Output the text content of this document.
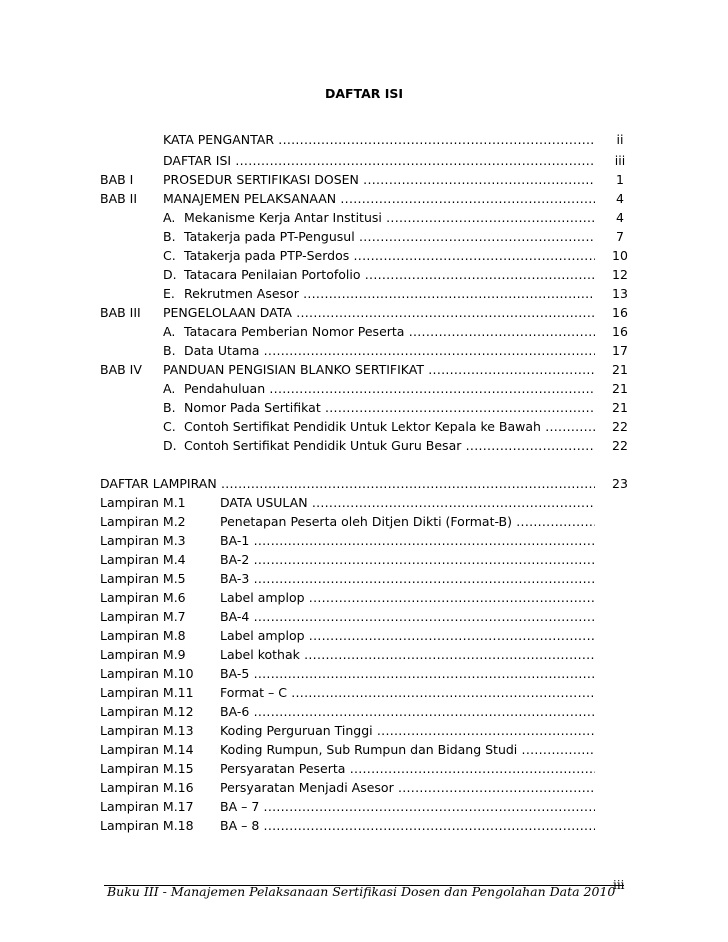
DAFTAR ISI
KATA PENGANTAR .....	ii
DAFTAR ISI .....	iii
BAB I PROSEDUR SERTIFIKASI DOSEN .....	1
BAB II MANAJEMEN PELAKSANAAN .....	4
A. Mekanisme Kerja Antar Institusi .....	4
B. Tatakerja pada PT-Pengusul .....	7
C. Tatakerja pada PTP-Serdos .....	10
D. Tatacara Penilaian Portofolio .....	12
E. Rekrutmen Asesor .....	13
BAB III PENGELOLAAN DATA .....	16
A. Tatacara Pemberian Nomor Peserta .....	16
B. Data Utama .....	17
BAB IV PANDUAN PENGISIAN BLANKO SERTIFIKAT .....	21
A. Pendahuluan .....	21
B. Nomor Pada Sertifikat .....	21
C. Contoh Sertifikat Pendidik Untuk Lektor Kepala ke Bawah .....	22
D. Contoh Sertifikat Pendidik Untuk Guru Besar .....	22
DAFTAR LAMPIRAN .....	23
Lampiran M.1	DATA USULAN .....
Lampiran M.2	Penetapan Peserta oleh Ditjen Dikti (Format-B) .....
Lampiran M.3	BA-1 .....
Lampiran M.4	BA-2 .....
Lampiran M.5	BA-3 .....
Lampiran M.6	Label amplop .....
Lampiran M.7	BA-4 .....
Lampiran M.8	Label amplop .....
Lampiran M.9	Label kothak .....
Lampiran M.10 BA-5 .....
Lampiran M.11 Format – C .....
Lampiran M.12 BA-6 .....
Lampiran M.13 Koding Perguruan Tinggi .....
Lampiran M.14 Koding Rumpun, Sub Rumpun dan Bidang Studi .....
Lampiran M.15 Persyaratan Peserta .....
Lampiran M.16 Persyaratan Menjadi Asesor .....
Lampiran M.17 BA – 7 .....
Lampiran M.18 BA – 8 .....
Buku III - Manajemen Pelaksanaan Sertifikasi Dosen dan Pengolahan Data 2010
iii
